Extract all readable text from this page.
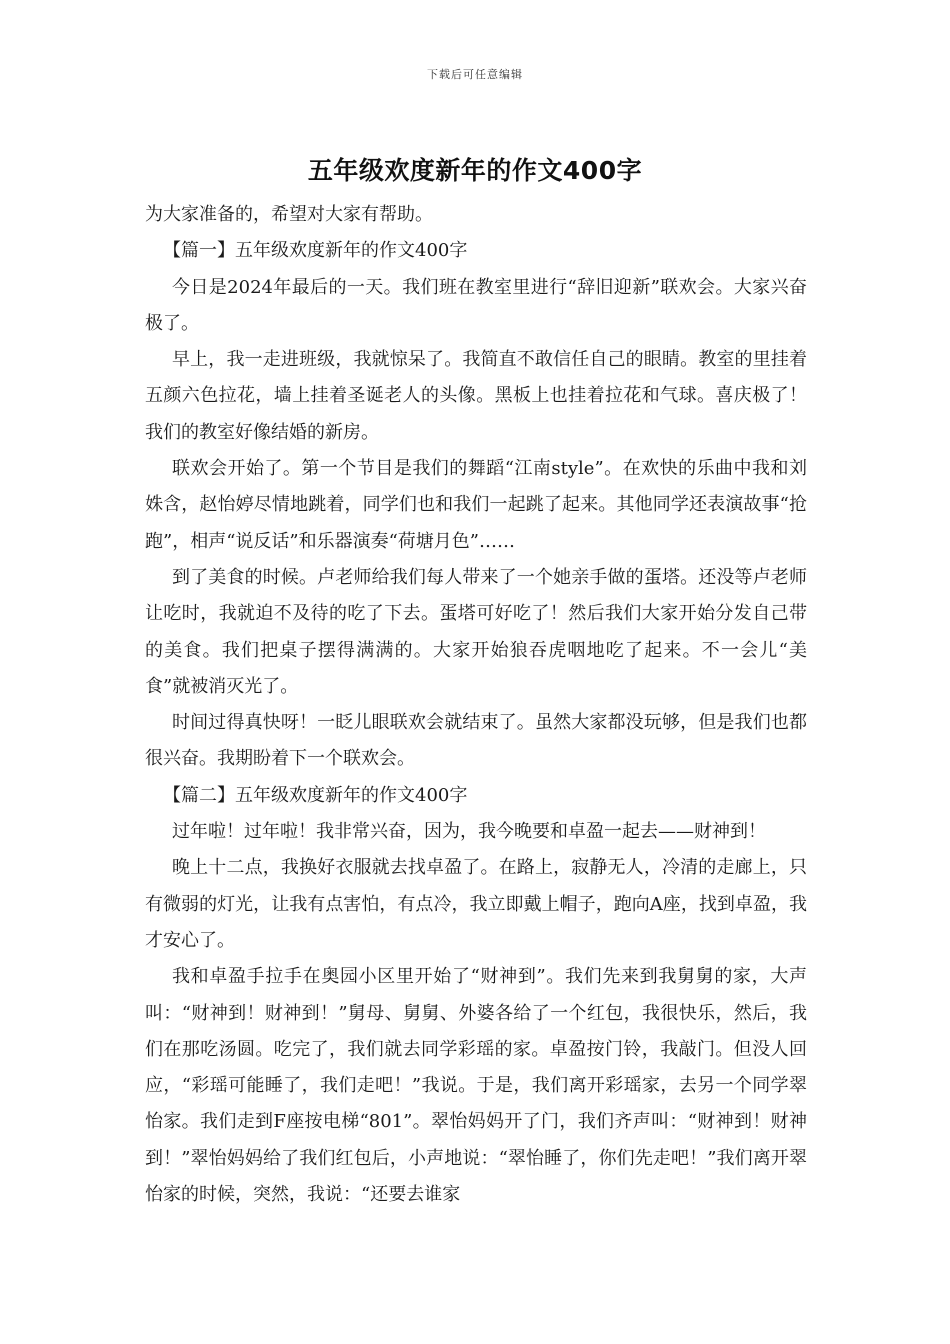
下载后可任意编辑
五年级欢度新年的作文400字

为大家准备的，希望对大家有帮助。

【篇一】五年级欢度新年的作文400字

今日是2024年最后的一天。我们班在教室里进行“辞旧迎新”联欢会。大家兴奋极了。

早上，我一走进班级，我就惊呆了。我简直不敢信任自己的眼睛。教室的里挂着五颜六色拉花，墙上挂着圣诞老人的头像。黑板上也挂着拉花和气球。喜庆极了！我们的教室好像结婚的新房。

联欢会开始了。第一个节目是我们的舞蹈“江南style”。在欢快的乐曲中我和刘姝含，赵怡婷尽情地跳着，同学们也和我们一起跳了起来。其他同学还表演故事“抢跑”，相声“说反话”和乐器演奏“荷塘月色”……

到了美食的时候。卢老师给我们每人带来了一个她亲手做的蛋塔。还没等卢老师让吃时，我就迫不及待的吃了下去。蛋塔可好吃了！然后我们大家开始分发自己带的美食。我们把桌子摆得满满的。大家开始狼吞虎咽地吃了起来。不一会儿“美食”就被消灭光了。

时间过得真快呀！一眨儿眼联欢会就结束了。虽然大家都没玩够，但是我们也都很兴奋。我期盼着下一个联欢会。

【篇二】五年级欢度新年的作文400字

过年啦！过年啦！我非常兴奋，因为，我今晚要和卓盈一起去——财神到！

晚上十二点，我换好衣服就去找卓盈了。在路上，寂静无人，冷清的走廊上，只有微弱的灯光，让我有点害怕，有点冷，我立即戴上帽子，跑向A座，找到卓盈，我才安心了。

我和卓盈手拉手在奥园小区里开始了“财神到”。我们先来到我舅舅的家，大声叫：“财神到！财神到！”舅母、舅舅、外婆各给了一个红包，我很快乐，然后，我们在那吃汤圆。吃完了，我们就去同学彩瑶的家。卓盈按门铃，我敲门。但没人回应，“彩瑶可能睡了，我们走吧！”我说。于是，我们离开彩瑶家，去另一个同学翠怡家。我们走到F座按电梯“801”。翠怡妈妈开了门，我们齐声叫：“财神到！财神到！”翠怡妈妈给了我们红包后，小声地说：“翠怡睡了，你们先走吧！”我们离开翠怡家的时候，突然，我说：“还要去谁家
